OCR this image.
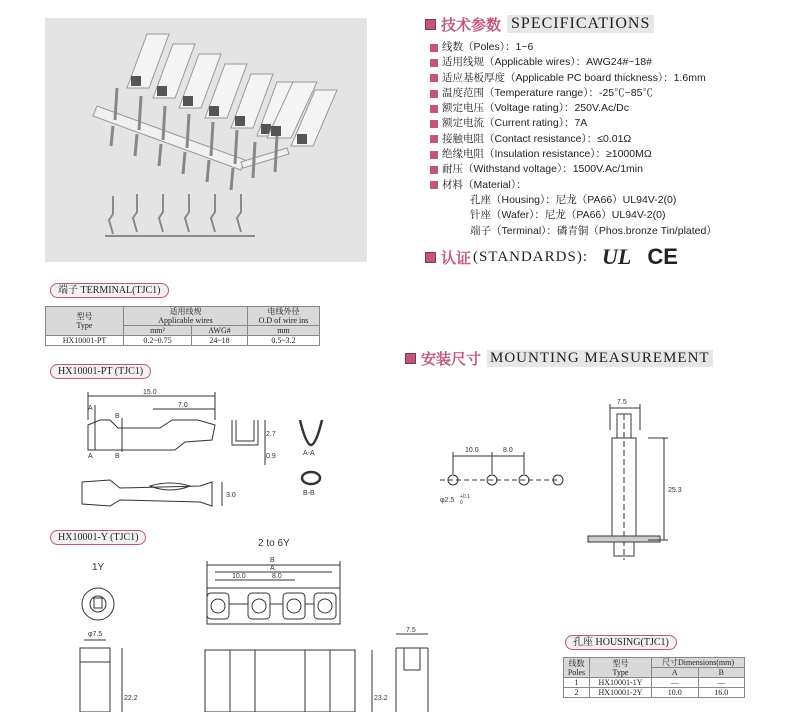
技术参数 SPECIFICATIONS
线数（Poles）：1~6
适用线规（Applicable wires）：AWG24#~18#
适应基板厚度（Applicable PC board thickness）：1.6mm
温度范围（Temperature range）：-25℃~85℃
额定电压（Voltage rating）：250V.Ac/Dc
额定电流（Current rating）：7A
接触电阻（Contact resistance）：≤0.01Ω
绝缘电阻（Insulation resistance）：≥1000MΩ
耐压（Withstand voltage）：1500V.Ac/1min
材料（Material）：
孔座（Housing）：尼龙（PA66）UL94V-2(0)
针座（Wafer）：尼龙（PA66）UL94V-2(0)
端子（Terminal）：磷青铜（Phos.bronze Tin/plated）
认证 (STANDARDS): UL CE
端子 TERMINAL(TJC1)
型号
Type	适用线规
Applicable wires		电线外径
O.D of wire ins
	mm²	AWG#	mm
HX10001-PT	0.2~0.75	24~18	0.5~3.2
HX10001-PT (TJC1)
安装尺寸 MOUNTING MEASUREMENT
HX10001-Y (TJC1)
孔座 HOUSING(TJC1)
线数
Poles	型号
Type	尺寸Dimensions(mm)	
		A	B
1	HX10001-1Y	—	—
2	HX10001-2Y	10.0	16.0
15.0
7.0
A
B
A	B
2.7
0.9
3.0
A-A
B-B
7.5
10.0	8.0
φ2.5 +0.1
0
25.3
2 to 6Y
1Y
B
A
10.0	8.0
φ7.5
22.2	23.2
7.5
